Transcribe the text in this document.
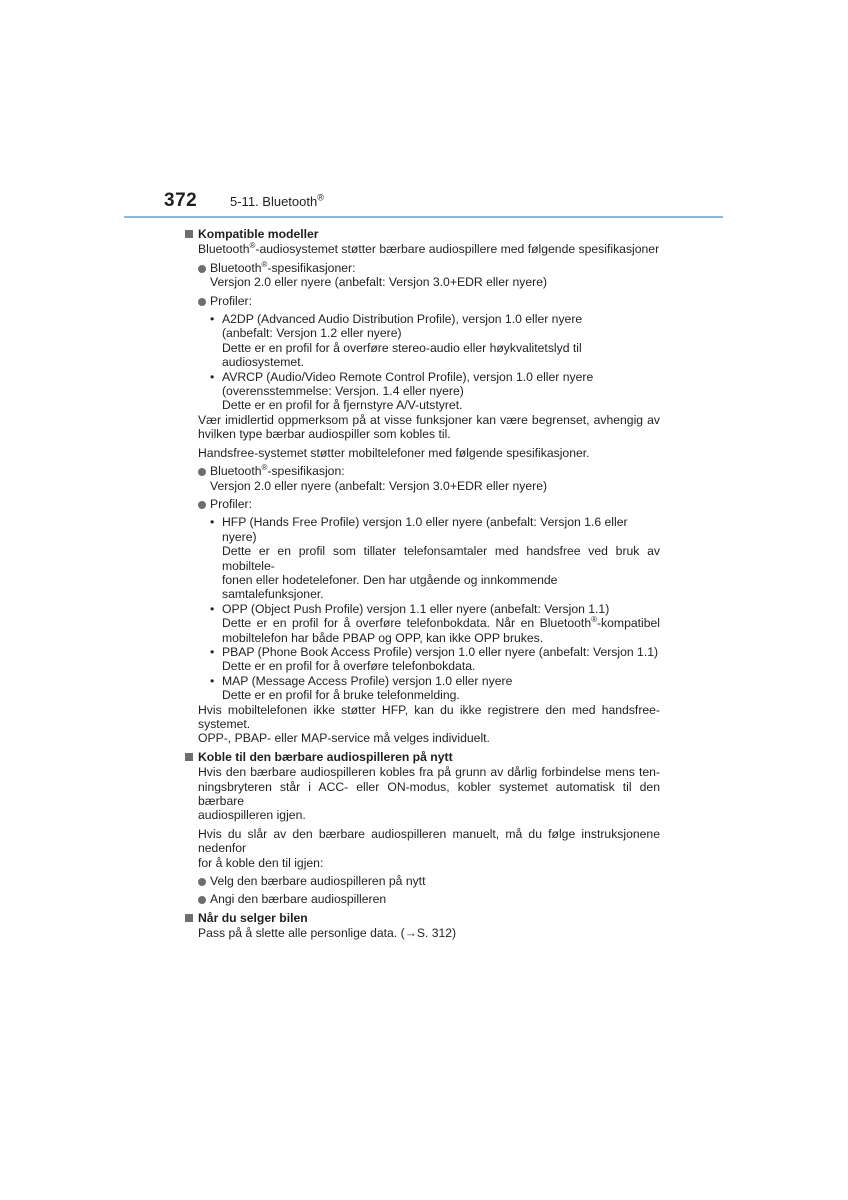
372	5-11. Bluetooth®
Kompatible modeller
Bluetooth®-audiosystemet støtter bærbare audiospillere med følgende spesifikasjoner
Bluetooth®-spesifikasjoner:
Versjon 2.0 eller nyere (anbefalt: Versjon 3.0+EDR eller nyere)
Profiler:
• A2DP (Advanced Audio Distribution Profile), versjon 1.0 eller nyere
(anbefalt: Versjon 1.2 eller nyere)
Dette er en profil for å overføre stereo-audio eller høykvalitetslyd til audiosystemet.
• AVRCP (Audio/Video Remote Control Profile), versjon 1.0 eller nyere
(overensstemmelse: Versjon. 1.4 eller nyere)
Dette er en profil for å fjernstyre A/V-utstyret.
Vær imidlertid oppmerksom på at visse funksjoner kan være begrenset, avhengig av
hvilken type bærbar audiospiller som kobles til.
Handsfree-systemet støtter mobiltelefoner med følgende spesifikasjoner.
Bluetooth®-spesifikasjon:
Versjon 2.0 eller nyere (anbefalt: Versjon 3.0+EDR eller nyere)
Profiler:
• HFP (Hands Free Profile) versjon 1.0 eller nyere (anbefalt: Versjon 1.6 eller nyere)
Dette er en profil som tillater telefonsamtaler med handsfree ved bruk av mobiltele-
fonen eller hodetelefoner. Den har utgående og innkommende samtalefunksjoner.
• OPP (Object Push Profile) versjon 1.1 eller nyere (anbefalt: Versjon 1.1)
Dette er en profil for å overføre telefonbokdata. Når en Bluetooth®-kompatibel
mobiltelefon har både PBAP og OPP, kan ikke OPP brukes.
• PBAP (Phone Book Access Profile) versjon 1.0 eller nyere (anbefalt: Versjon 1.1)
Dette er en profil for å overføre telefonbokdata.
• MAP (Message Access Profile) versjon 1.0 eller nyere
Dette er en profil for å bruke telefonmelding.
Hvis mobiltelefonen ikke støtter HFP, kan du ikke registrere den med handsfree-systemet.
OPP-, PBAP- eller MAP-service må velges individuelt.
Koble til den bærbare audiospilleren på nytt
Hvis den bærbare audiospilleren kobles fra på grunn av dårlig forbindelse mens ten-
ningsbryteren står i ACC- eller ON-modus, kobler systemet automatisk til den bærbare
audiospilleren igjen.
Hvis du slår av den bærbare audiospilleren manuelt, må du følge instruksjonene nedenfor
for å koble den til igjen:
Velg den bærbare audiospilleren på nytt
Angi den bærbare audiospilleren
Når du selger bilen
Pass på å slette alle personlige data. (→S. 312)
